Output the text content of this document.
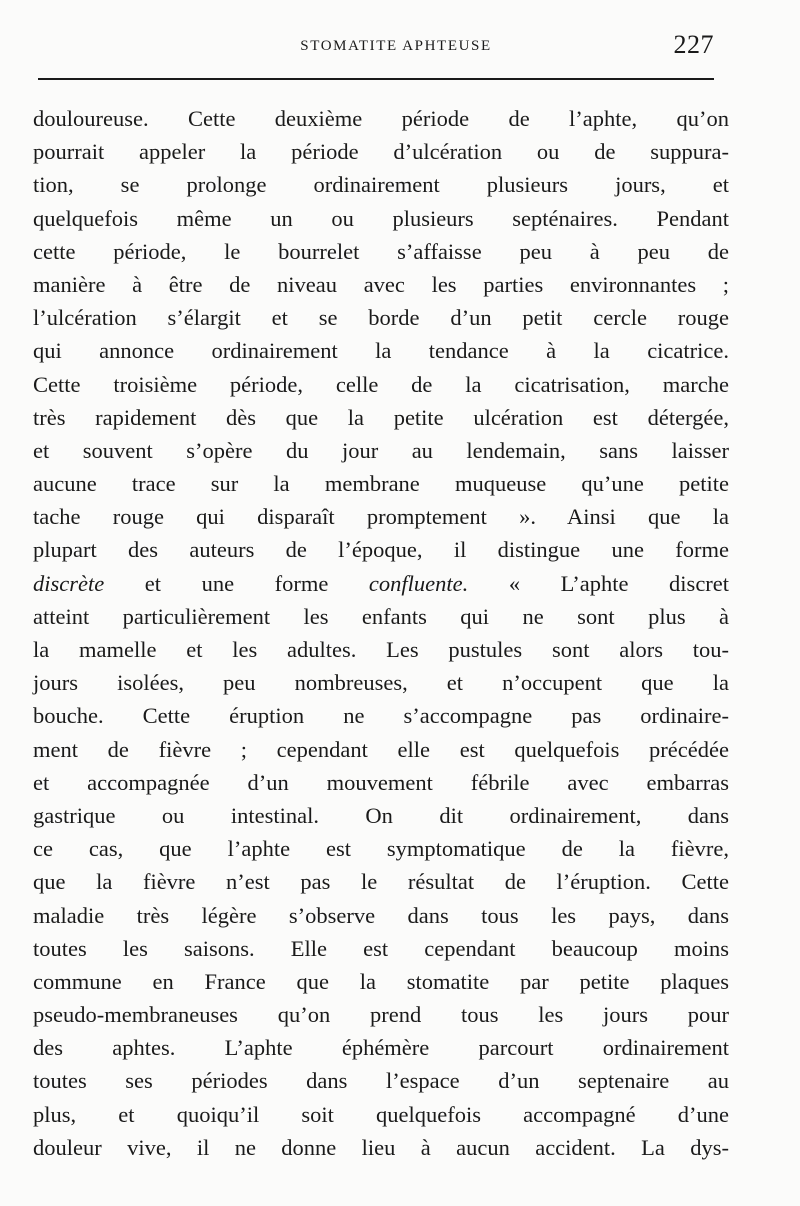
STOMATITE APHTEUSE	227
douloureuse. Cette deuxième période de l’aphte, qu’on
pourrait appeler la période d’ulcération ou de suppura-
tion, se prolonge ordinairement plusieurs jours, et
quelquefois même un ou plusieurs septénaires. Pendant
cette période, le bourrelet s’affaisse peu à peu de
manière à être de niveau avec les parties environnantes ;
l’ulcération s’élargit et se borde d’un petit cercle rouge
qui annonce ordinairement la tendance à la cicatrice.
Cette troisième période, celle de la cicatrisation, marche
très rapidement dès que la petite ulcération est détergée,
et souvent s’opère du jour au lendemain, sans laisser
aucune trace sur la membrane muqueuse qu’une petite
tache rouge qui disparaît promptement ». Ainsi que la
plupart des auteurs de l’époque, il distingue une forme
discrète et une forme confluente. « L’aphte discret
atteint particulièrement les enfants qui ne sont plus à
la mamelle et les adultes. Les pustules sont alors tou-
jours isolées, peu nombreuses, et n’occupent que la
bouche. Cette éruption ne s’accompagne pas ordinaire-
ment de fièvre ; cependant elle est quelquefois précédée
et accompagnée d’un mouvement fébrile avec embarras
gastrique ou intestinal. On dit ordinairement, dans
ce cas, que l’aphte est symptomatique de la fièvre,
que la fièvre n’est pas le résultat de l’éruption. Cette
maladie très légère s’observe dans tous les pays, dans
toutes les saisons. Elle est cependant beaucoup moins
commune en France que la stomatite par petite plaques
pseudo-membraneuses qu’on prend tous les jours pour
des aphtes. L’aphte éphémère parcourt ordinairement
toutes ses périodes dans l’espace d’un septenaire au
plus, et quoiqu’il soit quelquefois accompagné d’une
douleur vive, il ne donne lieu à aucun accident. La dys-
